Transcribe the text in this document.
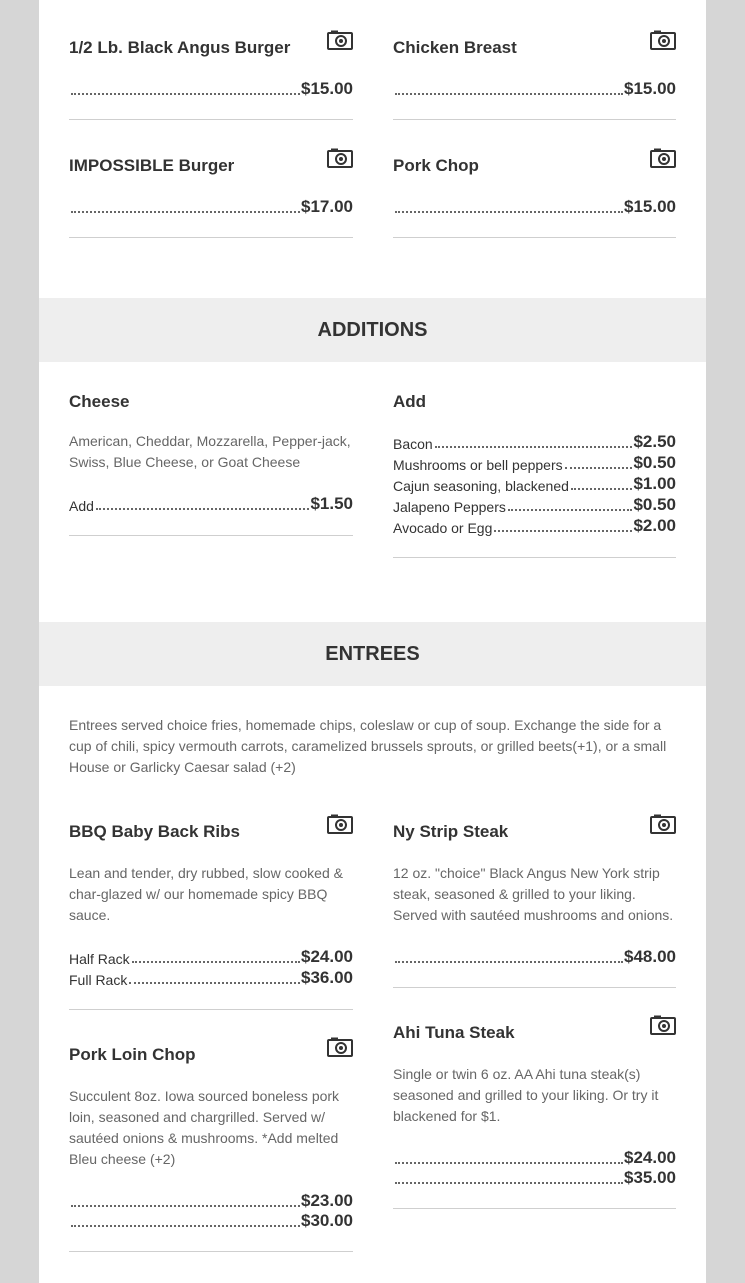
1/2 Lb. Black Angus Burger
$15.00
IMPOSSIBLE Burger
$17.00
Chicken Breast
$15.00
Pork Chop
$15.00
ADDITIONS
Cheese
American, Cheddar, Mozzarella, Pepper-jack, Swiss, Blue Cheese, or Goat Cheese
Add	$1.50
Add
Bacon	$2.50
Mushrooms or bell peppers	$0.50
Cajun seasoning, blackened	$1.00
Jalapeno Peppers	$0.50
Avocado or Egg	$2.00
ENTREES
Entrees served choice fries, homemade chips, coleslaw or cup of soup. Exchange the side for a cup of chili, spicy vermouth carrots, caramelized brussels sprouts, or grilled beets(+1), or a small House or Garlicky Caesar salad (+2)
BBQ Baby Back Ribs
Lean and tender, dry rubbed, slow cooked & char-glazed w/ our homemade spicy BBQ sauce.
Half Rack	$24.00
Full Rack	$36.00
Pork Loin Chop
Succulent 8oz. Iowa sourced boneless pork loin, seasoned and chargrilled. Served w/ sautéed onions & mushrooms. *Add melted Bleu cheese (+2)
$23.00
$30.00
Ny Strip Steak
12 oz. "choice" Black Angus New York strip steak, seasoned & grilled to your liking. Served with sautéed mushrooms and onions.
$48.00
Ahi Tuna Steak
Single or twin 6 oz. AA Ahi tuna steak(s) seasoned and grilled to your liking. Or try it blackened for $1.
$24.00
$35.00
